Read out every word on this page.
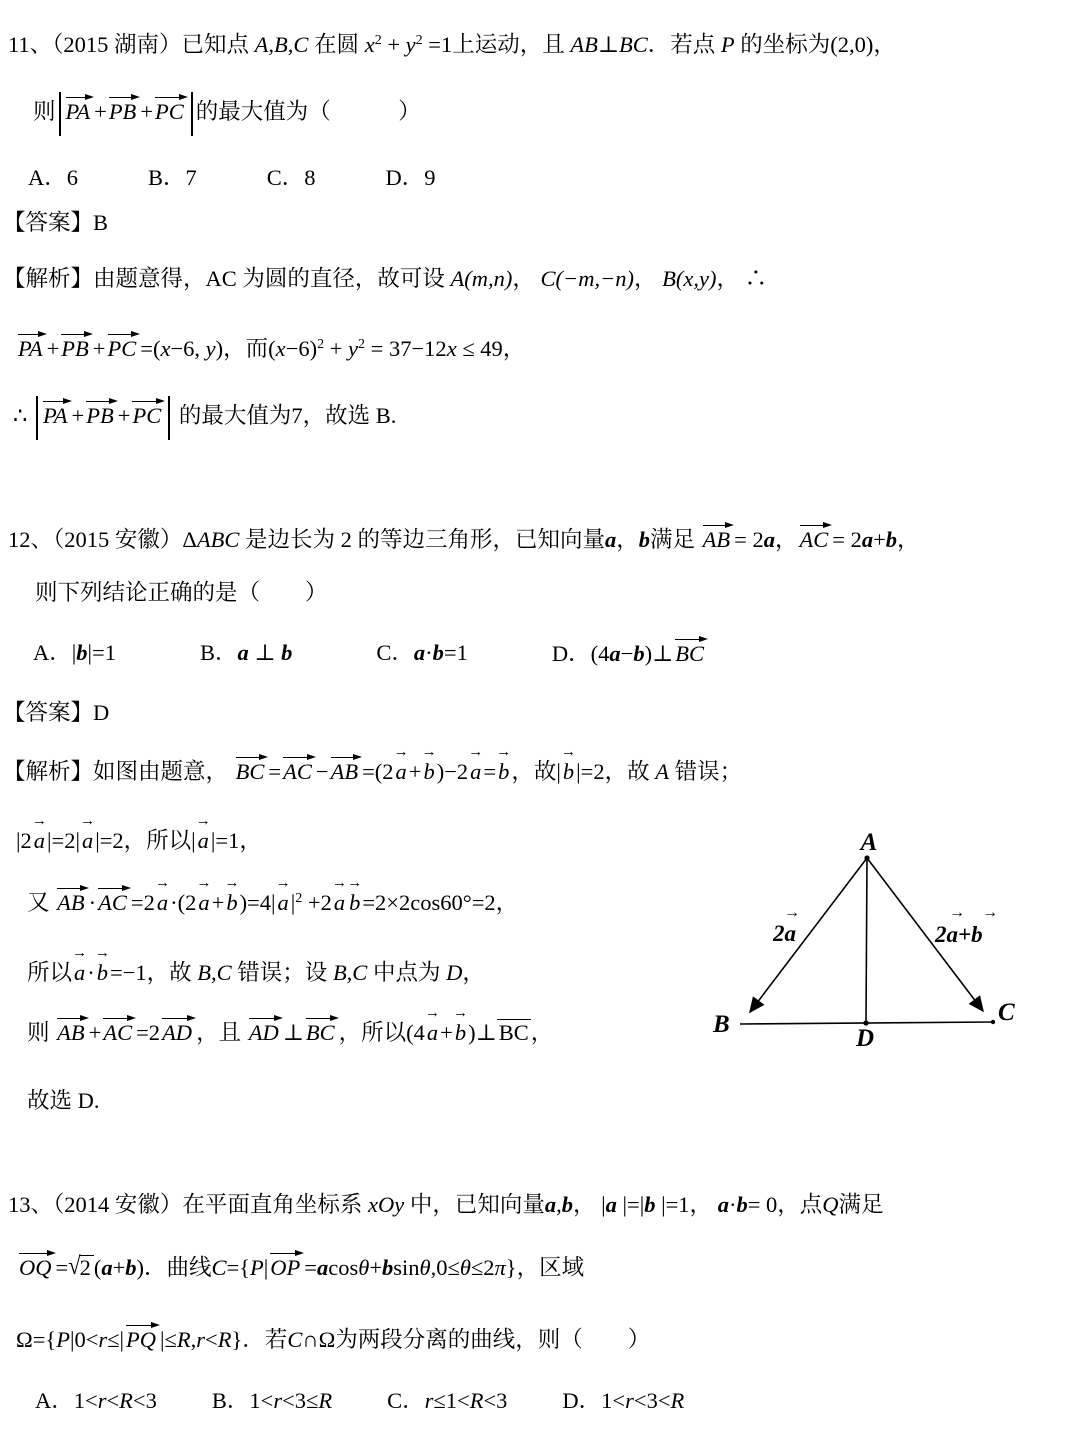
11、（2015 湖南）已知点 A,B,C 在圆 $x^2 + y^2 =1$上运动，且 AB⊥BC．若点 P 的坐标为(2,0)，
则 PA +
PB +
PC 的最大值为（　　　）
A．6	B．7	C．8	D．9
【答案】B
【解析】由题意得，AC 为圆的直径，故可设 A(m,n)， C(−m,−n)， B(x,y)， ∴
PA +
PB +
PC =(x−6, y)，而$(x-6)^2 + y^2 = 37-12x \le 49$，
∴
PA +
PB +
PC 的最大值为7，故选 B.
12、（2015 安徽）ΔABC 是边长为 2 的等边三角形，已知向量a，b满足
AB = 2a，
AC = 2a+b，
则下列结论正确的是（　　）
A．|b|=1	B．a ⊥ b	C．a·b=1	D．(4a−b)⊥
BC
【答案】D
【解析】如图由题意，
BC =
AC −
AB =(2
→
a+
→
b)−2
→
a=
→
b，故|
→
b|=2，故 A 错误；
|2
→
a|=2|
→
a|=2，所以|
→
a|=1，
又
AB ·
AC =2
→
a·(2
→
a+
→
b)=4|
→
$a|^2 +2$
→
a
→
b=2×2cos60°=2，
所以
→
a·
→
b=−1，故 B,C 错误；设 B,C 中点为 D，
则
AB +
AC =2
AD ，且
AD ⊥
BC ，所以(4
→
a+
→
b)⊥BC，
故选 D.
A
B	C
D
2a
→
2a+b
→ →
13、（2014 安徽）在平面直角坐标系 xOy 中，已知向量a,b， |a |=|b |=1， a·b= 0，点Q满足
OQ =√2 (a+b)．曲线C={P|
OP =acosθ+bsinθ,0≤θ≤2π}，区域
Ω={P|0<r≤|
PQ |≤R,r<R}．若C∩Ω为两段分离的曲线，则（　　）
A．1<r<R<3 B．1<r<3≤R C．r≤1<R<3 D．1<r<3<R
